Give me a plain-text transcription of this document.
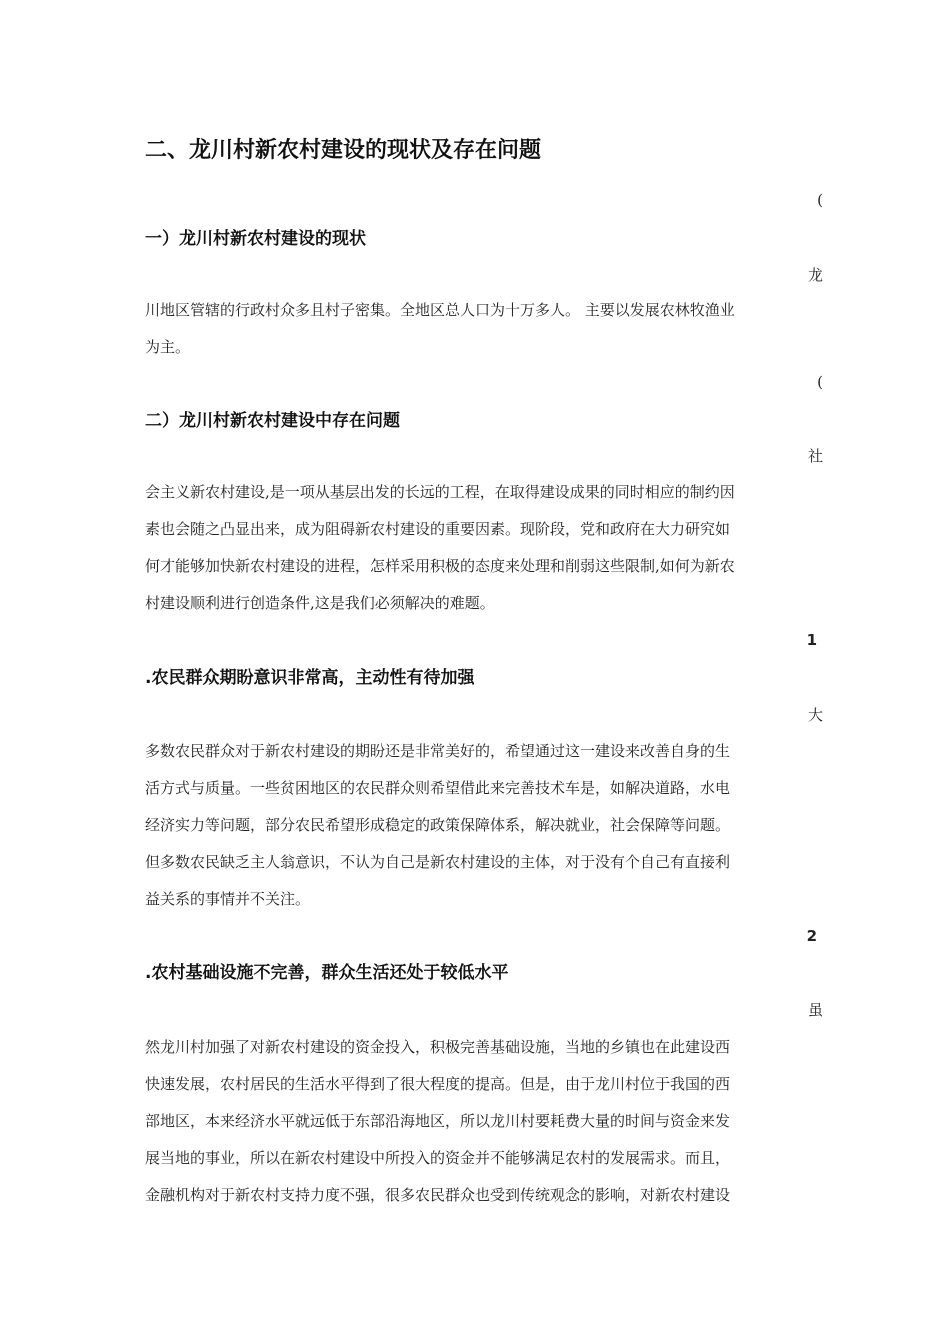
二、龙川村新农村建设的现状及存在问题
(
一）龙川村新农村建设的现状
龙
川地区管辖的行政村众多且村子密集。全地区总人口为十万多人。 主要以发展农林牧渔业
为主。
(
二）龙川村新农村建设中存在问题
社
会主义新农村建设,是一项从基层出发的长远的工程，在取得建设成果的同时相应的制约因
素也会随之凸显出来，成为阻碍新农村建设的重要因素。现阶段，党和政府在大力研究如
何才能够加快新农村建设的进程，怎样采用积极的态度来处理和削弱这些限制,如何为新农
村建设顺利进行创造条件,这是我们必须解决的难题。
1
.农民群众期盼意识非常高，主动性有待加强
大
多数农民群众对于新农村建设的期盼还是非常美好的，希望通过这一建设来改善自身的生
活方式与质量。一些贫困地区的农民群众则希望借此来完善技术车是，如解决道路，水电
经济实力等问题，部分农民希望形成稳定的政策保障体系，解决就业，社会保障等问题。
但多数农民缺乏主人翁意识，不认为自己是新农村建设的主体，对于没有个自己有直接利
益关系的事情并不关注。
2
.农村基础设施不完善，群众生活还处于较低水平
虽
然龙川村加强了对新农村建设的资金投入，积极完善基础设施，当地的乡镇也在此建设西
快速发展，农村居民的生活水平得到了很大程度的提高。但是，由于龙川村位于我国的西
部地区，本来经济水平就远低于东部沿海地区，所以龙川村要耗费大量的时间与资金来发
展当地的事业，所以在新农村建设中所投入的资金并不能够满足农村的发展需求。而且，
金融机构对于新农村支持力度不强，很多农民群众也受到传统观念的影响，对新农村建设
